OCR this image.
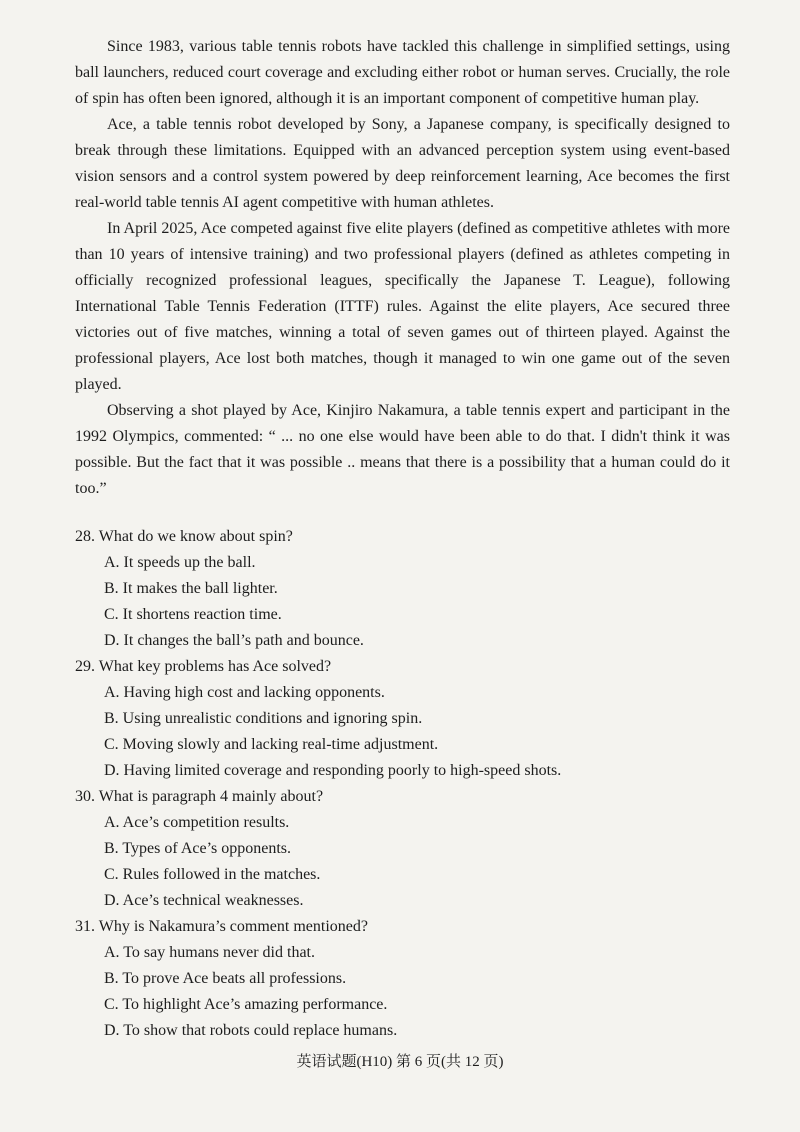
Since 1983, various table tennis robots have tackled this challenge in simplified settings, using ball launchers, reduced court coverage and excluding either robot or human serves. Crucially, the role of spin has often been ignored, although it is an important component of competitive human play.

Ace, a table tennis robot developed by Sony, a Japanese company, is specifically designed to break through these limitations. Equipped with an advanced perception system using event-based vision sensors and a control system powered by deep reinforcement learning, Ace becomes the first real-world table tennis AI agent competitive with human athletes.

In April 2025, Ace competed against five elite players (defined as competitive athletes with more than 10 years of intensive training) and two professional players (defined as athletes competing in officially recognized professional leagues, specifically the Japanese T. League), following International Table Tennis Federation (ITTF) rules. Against the elite players, Ace secured three victories out of five matches, winning a total of seven games out of thirteen played. Against the professional players, Ace lost both matches, though it managed to win one game out of the seven played.

Observing a shot played by Ace, Kinjiro Nakamura, a table tennis expert and participant in the 1992 Olympics, commented: “ ... no one else would have been able to do that. I didn't think it was possible. But the fact that it was possible .. means that there is a possibility that a human could do it too.”

28. What do we know about spin?

A. It speeds up the ball.

B. It makes the ball lighter.

C. It shortens reaction time.

D. It changes the ball’s path and bounce.

29. What key problems has Ace solved?

A. Having high cost and lacking opponents.

B. Using unrealistic conditions and ignoring spin.

C. Moving slowly and lacking real-time adjustment.

D. Having limited coverage and responding poorly to high-speed shots.

30. What is paragraph 4 mainly about?

A. Ace’s competition results.

B. Types of Ace’s opponents.

C. Rules followed in the matches.

D. Ace’s technical weaknesses.

31. Why is Nakamura’s comment mentioned?

A. To say humans never did that.

B. To prove Ace beats all professions.

C. To highlight Ace’s amazing performance.

D. To show that robots could replace humans.

英语试题(H10) 第 6 页(共 12 页)
